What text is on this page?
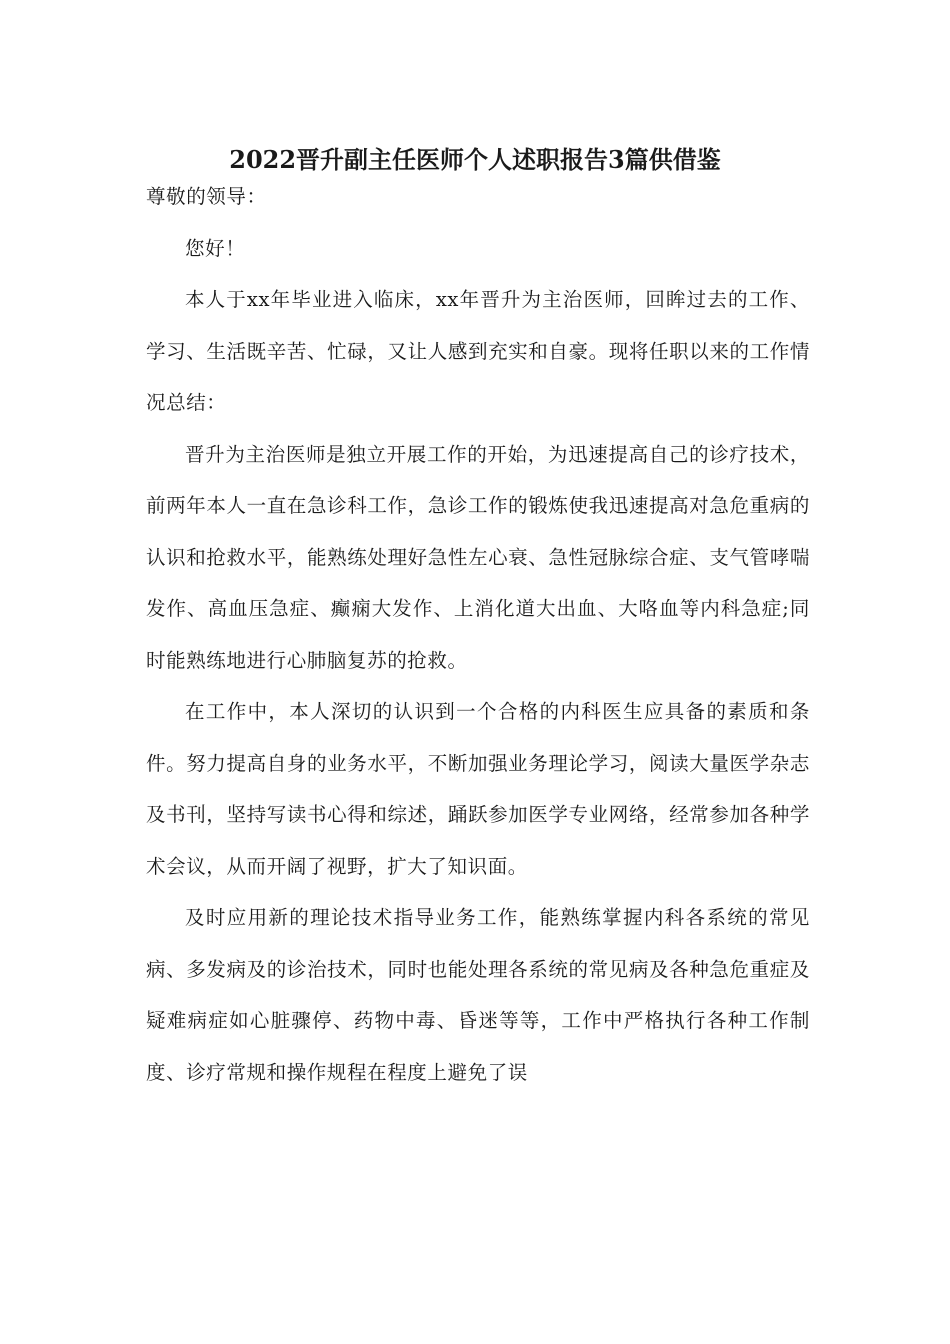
2022晋升副主任医师个人述职报告3篇供借鉴

尊敬的领导：

您好！

本人于xx年毕业进入临床，xx年晋升为主治医师，回眸过去的工作、学习、生活既辛苦、忙碌，又让人感到充实和自豪。现将任职以来的工作情况总结：

晋升为主治医师是独立开展工作的开始，为迅速提高自己的诊疗技术，前两年本人一直在急诊科工作，急诊工作的锻炼使我迅速提高对急危重病的认识和抢救水平，能熟练处理好急性左心衰、急性冠脉综合症、支气管哮喘发作、高血压急症、癫痫大发作、上消化道大出血、大咯血等内科急症;同时能熟练地进行心肺脑复苏的抢救。

在工作中，本人深切的认识到一个合格的内科医生应具备的素质和条件。努力提高自身的业务水平，不断加强业务理论学习，阅读大量医学杂志及书刊，坚持写读书心得和综述，踊跃参加医学专业网络，经常参加各种学术会议，从而开阔了视野，扩大了知识面。

及时应用新的理论技术指导业务工作，能熟练掌握内科各系统的常见病、多发病及的诊治技术，同时也能处理各系统的常见病及各种急危重症及疑难病症如心脏骤停、药物中毒、昏迷等等，工作中严格执行各种工作制度、诊疗常规和操作规程在程度上避免了误
